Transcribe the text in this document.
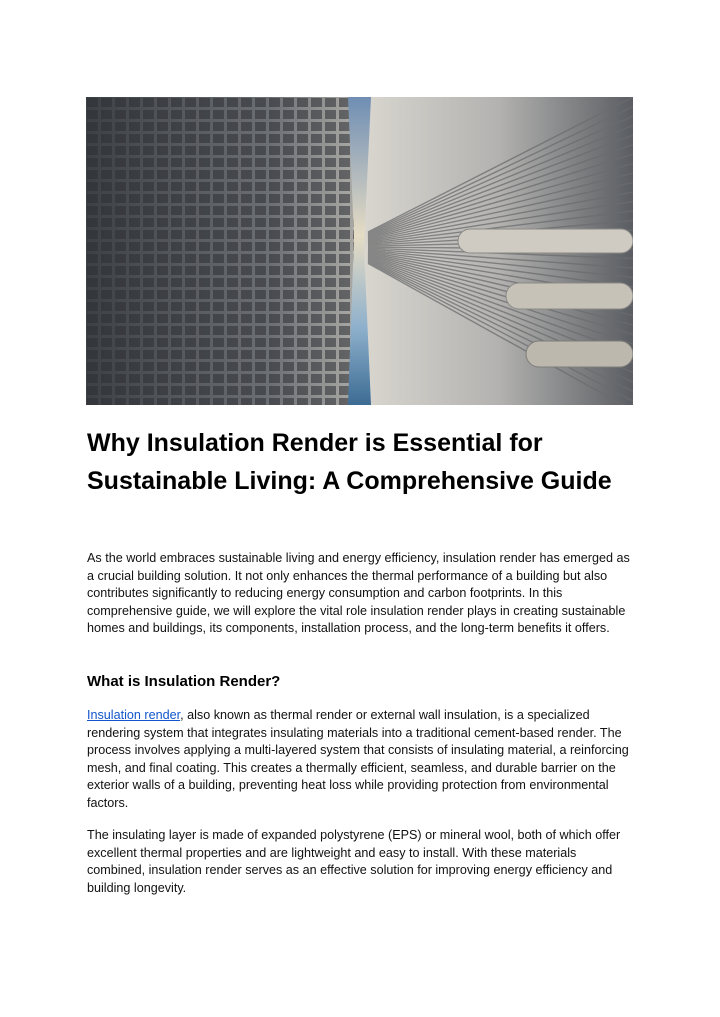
Why Insulation Render is Essential for Sustainable Living: A Comprehensive Guide

As the world embraces sustainable living and energy efficiency, insulation render has emerged as a crucial building solution. It not only enhances the thermal performance of a building but also contributes significantly to reducing energy consumption and carbon footprints. In this comprehensive guide, we will explore the vital role insulation render plays in creating sustainable homes and buildings, its components, installation process, and the long-term benefits it offers.

What is Insulation Render?

Insulation render, also known as thermal render or external wall insulation, is a specialized rendering system that integrates insulating materials into a traditional cement-based render. The process involves applying a multi-layered system that consists of insulating material, a reinforcing mesh, and final coating. This creates a thermally efficient, seamless, and durable barrier on the exterior walls of a building, preventing heat loss while providing protection from environmental factors.

The insulating layer is made of expanded polystyrene (EPS) or mineral wool, both of which offer excellent thermal properties and are lightweight and easy to install. With these materials combined, insulation render serves as an effective solution for improving energy efficiency and building longevity.
